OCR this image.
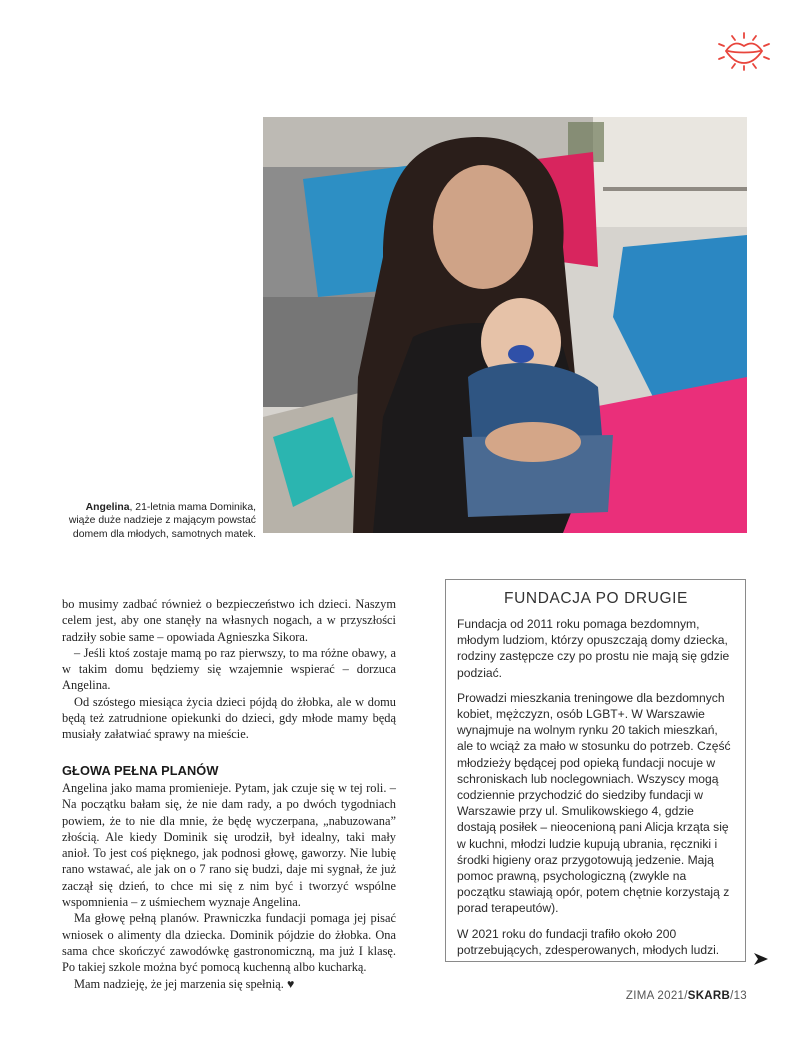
Angelina, 21-letnia mama Dominika, wiąże duże nadzieje z mającym powstać domem dla młodych, samotnych matek.

bo musimy zadbać również o bezpieczeństwo ich dzieci. Naszym celem jest, aby one stanęły na własnych nogach, a w przyszłości radziły sobie same – opowiada Agnieszka Sikora.

– Jeśli ktoś zostaje mamą po raz pierwszy, to ma różne obawy, a w takim domu będziemy się wzajemnie wspierać – dorzuca Angelina.

Od szóstego miesiąca życia dzieci pójdą do żłobka, ale w domu będą też zatrudnione opiekunki do dzieci, gdy młode mamy będą musiały załatwiać sprawy na mieście.

GŁOWA PEŁNA PLANÓW

Angelina jako mama promienieje. Pytam, jak czuje się w tej roli. – Na początku bałam się, że nie dam rady, a po dwóch tygodniach powiem, że to nie dla mnie, że będę wyczerpana, „nabuzowana” złością. Ale kiedy Dominik się urodził, był idealny, taki mały anioł. To jest coś pięknego, jak podnosi głowę, gaworzy. Nie lubię rano wstawać, ale jak on o 7 rano się budzi, daje mi sygnał, że już zaczął się dzień, to chce mi się z nim być i tworzyć wspólne wspomnienia – z uśmiechem wyznaje Angelina.

Ma głowę pełną planów. Prawniczka fundacji pomaga jej pisać wniosek o alimenty dla dziecka. Dominik pójdzie do żłobka. Ona sama chce skończyć zawodówkę gastronomiczną, ma już I klasę. Po takiej szkole można być pomocą kuchenną albo kucharką.

Mam nadzieję, że jej marzenia się spełnią. ♥

FUNDACJA PO DRUGIE

Fundacja od 2011 roku pomaga bezdomnym, młodym ludziom, którzy opuszczają domy dziecka, rodziny zastępcze czy po prostu nie mają się gdzie podziać.

Prowadzi mieszkania treningowe dla bezdomnych kobiet, mężczyzn, osób LGBT+. W Warszawie wynajmuje na wolnym rynku 20 takich mieszkań, ale to wciąż za mało w stosunku do potrzeb. Część młodzieży będącej pod opieką fundacji nocuje w schroniskach lub noclegowniach. Wszyscy mogą codziennie przychodzić do siedziby fundacji w Warszawie przy ul. Smulikowskiego 4, gdzie dostają posiłek – nieocenioną pani Alicja krząta się w kuchni, młodzi ludzie kupują ubrania, ręczniki i środki higieny oraz przygotowują jedzenie. Mają pomoc prawną, psychologiczną (zwykle na początku stawiają opór, potem chętnie korzystają z porad terapeutów).

W 2021 roku do fundacji trafiło około 200 potrzebujących, zdesperowanych, młodych ludzi.

ZIMA 2021/SKARB/13
